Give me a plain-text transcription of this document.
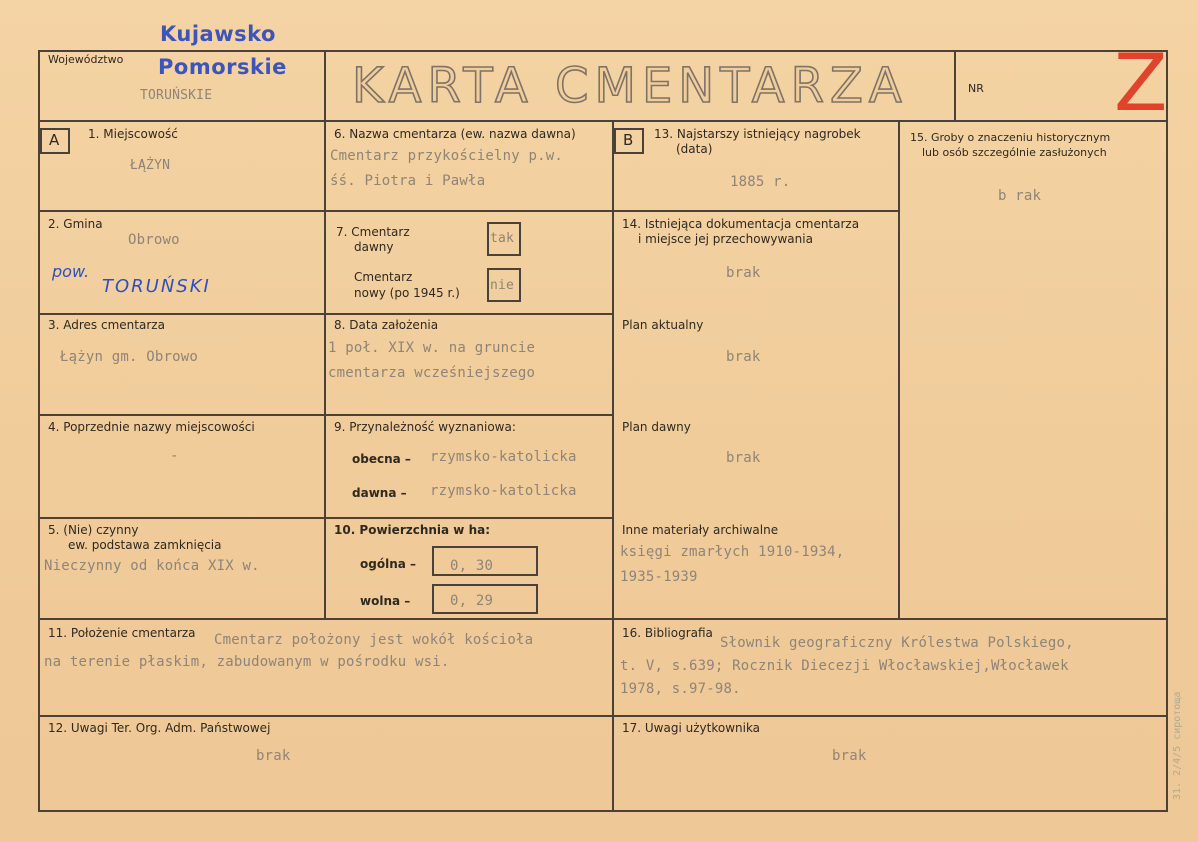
Województwo
Kujawsko
Pomorskie
TORUŃSKIE	KARTA CMENTARZA	NR Z
A	B
1. Miejscowość
ŁĄŻYN
2. Gmina
Obrowo
pow.
TORUŃSKI
3. Adres cmentarza
Łążyn gm. Obrowo
4. Poprzednie nazwy miejscowości
-
5. (Nie) czynny
ew. podstawa zamknięcia
Nieczynny od końca XIX w.
6. Nazwa cmentarza (ew. nazwa dawna)
Cmentarz przykościelny p.w.
śś. Piotra i Pawła
7. Cmentarz
dawny
tak
Cmentarz
nowy (po 1945 r.) nie
8. Data założenia
1 poł. XIX w. na gruncie
cmentarza wcześniejszego
9. Przynależność wyznaniowa:
obecna – rzymsko-katolicka
dawna – rzymsko-katolicka
10. Powierzchnia w ha:
ogólna – 0, 30
wolna –	0, 29
13. Najstarszy istniejący nagrobek
(data)
1885 r.
14. Istniejąca dokumentacja cmentarza
i miejsce jej przechowywania
brak
Plan aktualny
brak
Plan dawny
brak
Inne materiały archiwalne
księgi zmarłych 1910-1934,
1935-1939
15. Groby o znaczeniu historycznym
lub osób szczególnie zasłużonych
b rak
11. Położenie cmentarza Cmentarz położony jest wokół kościoła
na terenie płaskim, zabudowanym w pośrodku wsi.
16. Bibliografia
Słownik geograficzny Królestwa Polskiego,
t. V, s.639; Rocznik Diecezji Włocławskiej,Włocławek
1978, s.97-98.
12. Uwagi Ter. Org. Adm. Państwowej
brak
17. Uwagi użytkownika
brak	31. 2/4/5 сиротоща
